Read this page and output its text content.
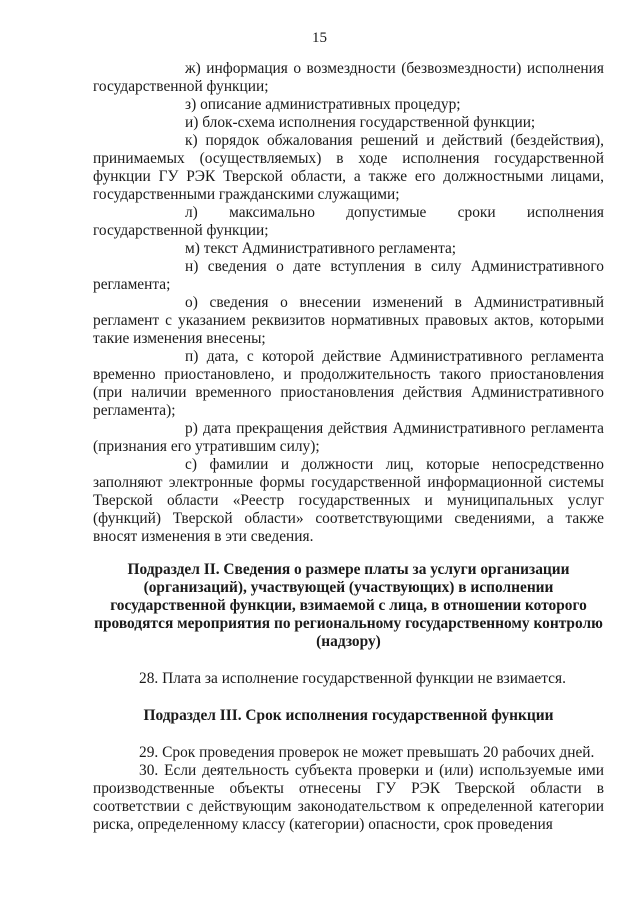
15

ж) информация о возмездности (безвозмездности) исполнения государственной функции;

з) описание административных процедур;

и) блок-схема исполнения государственной функции;

к) порядок обжалования решений и действий (бездействия), принимаемых (осуществляемых) в ходе исполнения государственной функции ГУ РЭК Тверской области, а также его должностными лицами, государственными гражданскими служащими;

л) максимально допустимые сроки исполнения государственной функции;

м) текст Административного регламента;

н) сведения о дате вступления в силу Административного регламента;

о) сведения о внесении изменений в Административный регламент с указанием реквизитов нормативных правовых актов, которыми такие изменения внесены;

п) дата, с которой действие Административного регламента временно приостановлено, и продолжительность такого приостановления (при наличии временного приостановления действия Административного регламента);

р) дата прекращения действия Административного регламента (признания его утратившим силу);

с) фамилии и должности лиц, которые непосредственно заполняют электронные формы государственной информационной системы Тверской области «Реестр государственных и муниципальных услуг (функций) Тверской области» соответствующими сведениями, а также вносят изменения в эти сведения.

Подраздел II. Сведения о размере платы за услуги организации (организаций), участвующей (участвующих) в исполнении государственной функции, взимаемой с лица, в отношении которого проводятся мероприятия по региональному государственному контролю (надзору)

28. Плата за исполнение государственной функции не взимается.

Подраздел III. Срок исполнения государственной функции

29. Срок проведения проверок не может превышать 20 рабочих дней.

30. Если деятельность субъекта проверки и (или) используемые ими производственные объекты отнесены ГУ РЭК Тверской области в соответствии с действующим законодательством к определенной категории риска, определенному классу (категории) опасности, срок проведения
